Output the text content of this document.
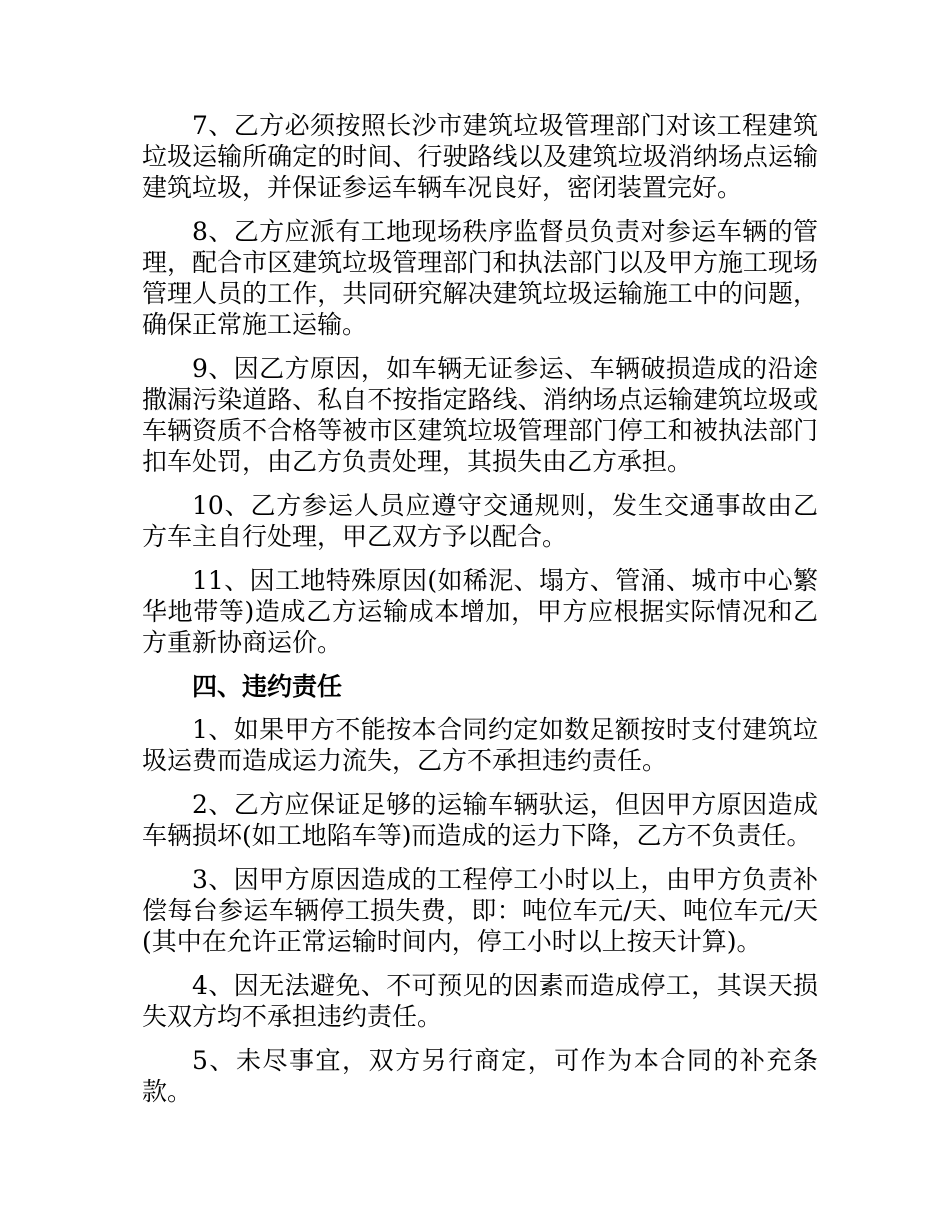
7、乙方必须按照长沙市建筑垃圾管理部门对该工程建筑垃圾运输所确定的时间、行驶路线以及建筑垃圾消纳场点运输建筑垃圾，并保证参运车辆车况良好，密闭装置完好。

8、乙方应派有工地现场秩序监督员负责对参运车辆的管理，配合市区建筑垃圾管理部门和执法部门以及甲方施工现场管理人员的工作，共同研究解决建筑垃圾运输施工中的问题，确保正常施工运输。

9、因乙方原因，如车辆无证参运、车辆破损造成的沿途撒漏污染道路、私自不按指定路线、消纳场点运输建筑垃圾或车辆资质不合格等被市区建筑垃圾管理部门停工和被执法部门扣车处罚，由乙方负责处理，其损失由乙方承担。

10、乙方参运人员应遵守交通规则，发生交通事故由乙方车主自行处理，甲乙双方予以配合。

11、因工地特殊原因(如稀泥、塌方、管涌、城市中心繁华地带等)造成乙方运输成本增加，甲方应根据实际情况和乙方重新协商运价。

四、违约责任

1、如果甲方不能按本合同约定如数足额按时支付建筑垃圾运费而造成运力流失，乙方不承担违约责任。

2、乙方应保证足够的运输车辆驮运，但因甲方原因造成车辆损坏(如工地陷车等)而造成的运力下降，乙方不负责任。

3、因甲方原因造成的工程停工小时以上，由甲方负责补偿每台参运车辆停工损失费，即：吨位车元/天、吨位车元/天(其中在允许正常运输时间内，停工小时以上按天计算)。

4、因无法避免、不可预见的因素而造成停工，其误天损失双方均不承担违约责任。

5、未尽事宜，双方另行商定，可作为本合同的补充条款。
